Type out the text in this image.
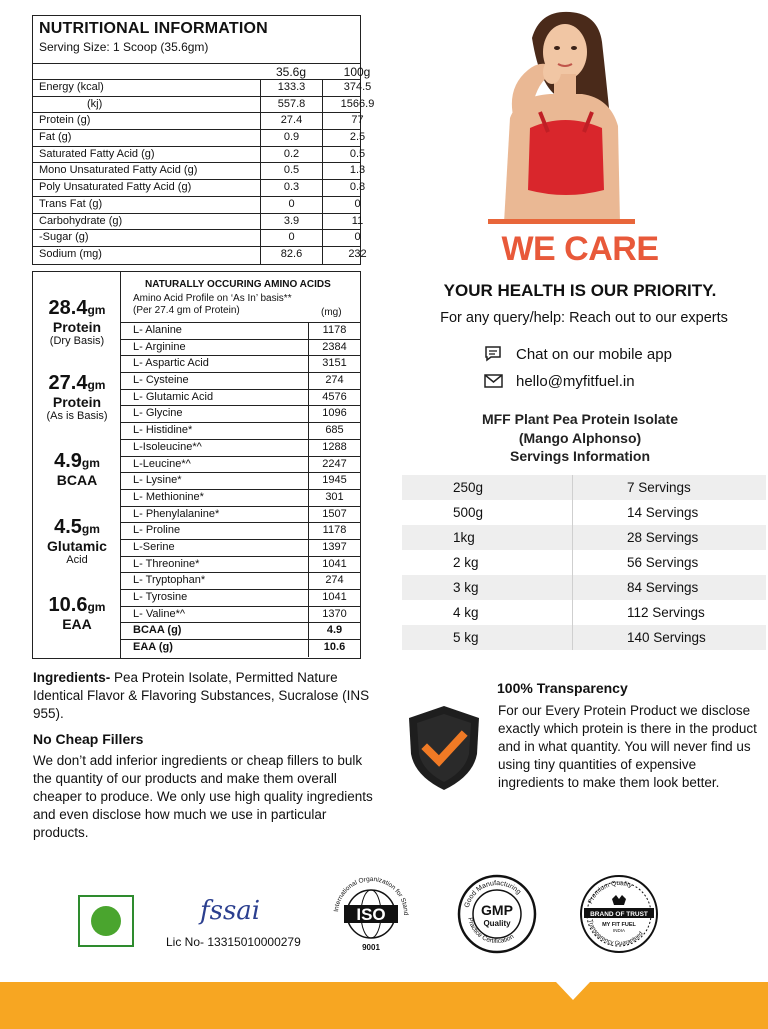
NUTRITIONAL INFORMATION
Serving Size: 1 Scoop (35.6gm)
35.6g	100g
Energy (kcal)	133.3	374.5
(kj)	557.8	1566.9
Protein (g)	27.4	77
Fat (g)	0.9	2.5
Saturated Fatty Acid (g)	0.2	0.5
Mono Unsaturated Fatty Acid (g)	0.5	1.3
Poly Unsaturated Fatty Acid (g)	0.3	0.8
Trans Fat (g)	0	0
Carbohydrate (g)	3.9	11
-Sugar (g)	0	0
Sodium (mg)	82.6	232
28.4gm
Protein
(Dry Basis)
27.4gm
Protein
(As is Basis)
4.9gm
BCAA
4.5gm
Glutamic
Acid
10.6gm
EAA
NATURALLY OCCURING AMINO ACIDS
Amino Acid Profile on ‘As In’ basis**
(Per 27.4 gm of Protein)	(mg)
L- Alanine	1178
L- Arginine	2384
L- Aspartic Acid	3151
L- Cysteine	274
L- Glutamic Acid	4576
L- Glycine	1096
L- Histidine*	685
L-Isoleucine*^	1288
L-Leucine*^	2247
L- Lysine*	1945
L- Methionine*	301
L- Phenylalanine*	1507
L- Proline	1178
L-Serine	1397
L- Threonine*	1041
L- Tryptophan*	274
L- Tyrosine	1041
L- Valine*^	1370
BCAA (g)	4.9
EAA (g)	10.6
WE CARE
YOUR HEALTH IS OUR PRIORITY.
For any query/help: Reach out to our experts
Chat on our mobile app
hello@myfitfuel.in
MFF Plant Pea Protein Isolate
(Mango Alphonso)
Servings Information
250g	7 Servings
500g	14 Servings
1kg	28 Servings
2 kg	56 Servings
3 kg	84 Servings
4 kg	112 Servings
5 kg	140 Servings
Ingredients- Pea Protein Isolate, Permitted Nature Identical Flavor & Flavoring Substances, Sucralose (INS 955).
No Cheap Fillers
We don’t add inferior ingredients or cheap fillers to bulk the quantity of our products and make them overall cheaper to produce. We only use high quality ingredients and even disclose how much we use in particular products.
100% Transparency
For our Every Protein Product we disclose exactly which protein is there in the product and in what quantity. You will never find us using tiny quantities of expensive ingredients to make them look better.
fssai
Lic No- 13315010000279
International Organization for Stand
ISO
9001
Good Manufacturing
Practice Certification
GMP
Quality
Premium Quality
Transparency Guaranteed
BRAND OF TRUST
MY FIT FUEL
INDIA
